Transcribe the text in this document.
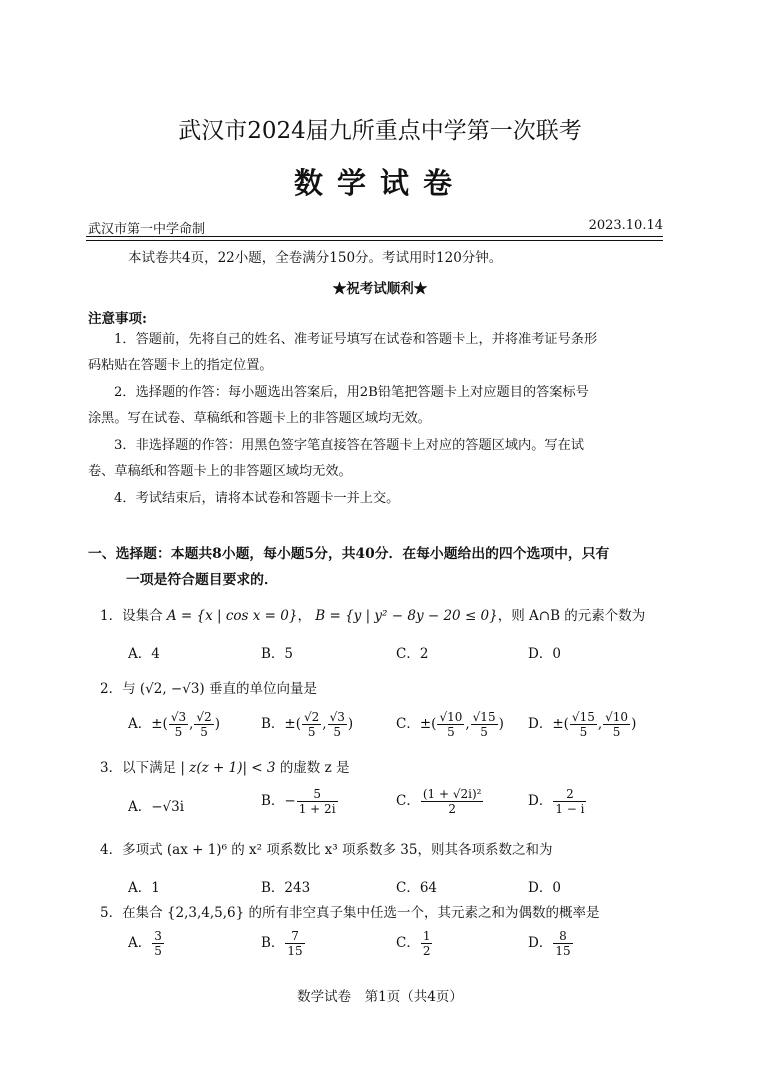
武汉市2024届九所重点中学第一次联考
数学试卷
武汉市第一中学命制	2023.10.14
本试卷共4页，22小题，全卷满分150分。考试用时120分钟。
★祝考试顺利★
注意事项:
1．答题前，先将自己的姓名、准考证号填写在试卷和答题卡上，并将准考证号条形
码粘贴在答题卡上的指定位置。
2．选择题的作答：每小题选出答案后，用2B铅笔把答题卡上对应题目的答案标号
涂黑。写在试卷、草稿纸和答题卡上的非答题区域均无效。
3．非选择题的作答：用黑色签字笔直接答在答题卡上对应的答题区域内。写在试
卷、草稿纸和答题卡上的非答题区域均无效。
4．考试结束后，请将本试卷和答题卡一并上交。
一、选择题：本题共8小题，每小题5分，共40分．在每小题给出的四个选项中，只有
一项是符合题目要求的．
1．设集合 A = {x | cos x = 0}， B = {y | y² − 8y − 20 ≤ 0}，则 A∩B 的元素个数为
A．4	B．5	C．2	D．0
2．与 (√2, −√3) 垂直的单位向量是
A．±( $\frac{√3}{5}$ , $\frac{√2}{5}$ )	B．±( $\frac{√2}{5}$ , $\frac{√3}{5}$ )	C．±( $\frac{√10}{5}$ , $\frac{√15}{5}$ ) D．±( $\frac{√15}{5}$ , $\frac{√10}{5}$ )
3．以下满足 | z(z + 1)| < 3 的虚数 z 是
A．−√3i	B．− $\frac{5}{1 + 2i}$	C． $\frac{\text{(1 + √2i)²}}{2}$	D． $\frac{2}{1 - i}$
4．多项式 (ax + 1)⁶ 的 x² 项系数比 x³ 项系数多 35，则其各项系数之和为
A．1	B．243	C．64	D．0
5．在集合 {2,3,4,5,6} 的所有非空真子集中任选一个，其元素之和为偶数的概率是
A． $\frac{3}{5}$	B． $\frac{7}{15}$	C． $\frac{1}{2}$	D． $\frac{8}{15}$
数学试卷　第1页（共4页）
